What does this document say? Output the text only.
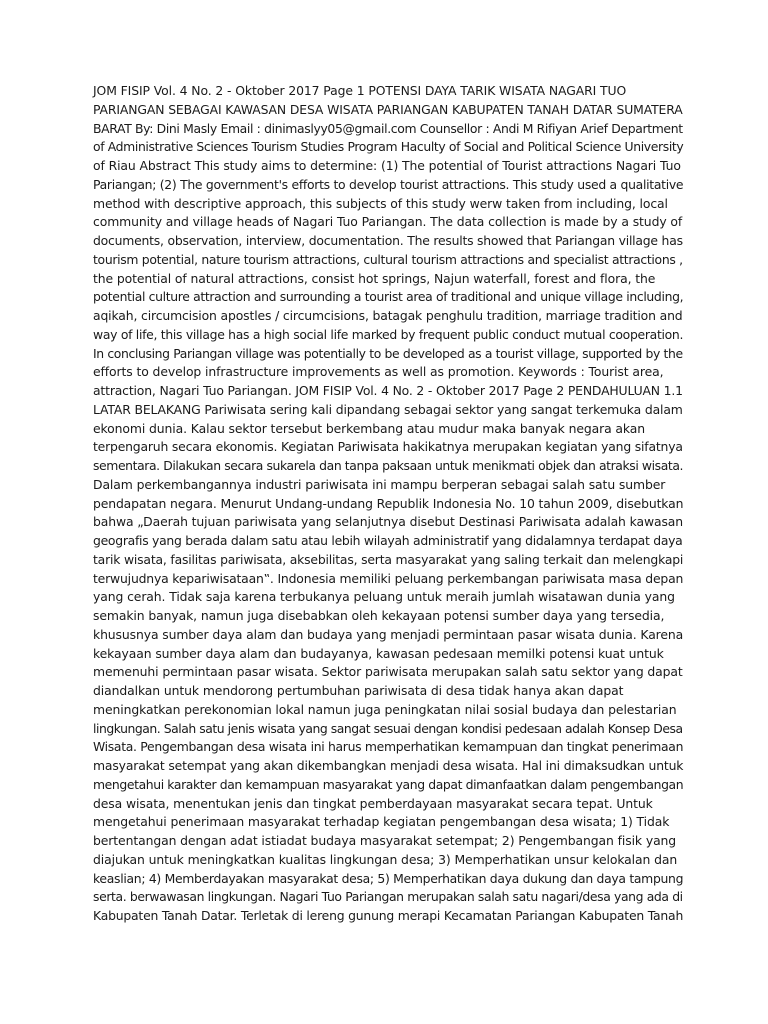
JOM FISIP Vol. 4 No. 2 - Oktober 2017 Page 1 POTENSI DAYA TARIK WISATA NAGARI TUO
PARIANGAN SEBAGAI KAWASAN DESA WISATA PARIANGAN KABUPATEN TANAH DATAR SUMATERA
BARAT By: Dini Masly Email : dinimaslyy05@gmail.com Counsellor : Andi M Rifiyan Arief Department
of Administrative Sciences Tourism Studies Program Haculty of Social and Political Science University
of Riau Abstract This study aims to determine: (1) The potential of Tourist attractions Nagari Tuo
Pariangan; (2) The government's efforts to develop tourist attractions. This study used a qualitative
method with descriptive approach, this subjects of this study werw taken from including, local
community and village heads of Nagari Tuo Pariangan. The data collection is made by a study of
documents, observation, interview, documentation. The results showed that Pariangan village has
tourism potential, nature tourism attractions, cultural tourism attractions and specialist attractions ,
the potential of natural attractions, consist hot springs, Najun waterfall, forest and flora, the
potential culture attraction and surrounding a tourist area of traditional and unique village including,
aqikah, circumcision apostles / circumcisions, batagak penghulu tradition, marriage tradition and
way of life, this village has a high social life marked by frequent public conduct mutual cooperation.
In conclusing Pariangan village was potentially to be developed as a tourist village, supported by the
efforts to develop infrastructure improvements as well as promotion. Keywords : Tourist area,
attraction, Nagari Tuo Pariangan. JOM FISIP Vol. 4 No. 2 - Oktober 2017 Page 2 PENDAHULUAN 1.1
LATAR BELAKANG Pariwisata sering kali dipandang sebagai sektor yang sangat terkemuka dalam
ekonomi dunia. Kalau sektor tersebut berkembang atau mudur maka banyak negara akan
terpengaruh secara ekonomis. Kegiatan Pariwisata hakikatnya merupakan kegiatan yang sifatnya
sementara. Dilakukan secara sukarela dan tanpa paksaan untuk menikmati objek dan atraksi wisata.
Dalam perkembangannya industri pariwisata ini mampu berperan sebagai salah satu sumber
pendapatan negara. Menurut Undang-undang Republik Indonesia No. 10 tahun 2009, disebutkan
bahwa „Daerah tujuan pariwisata yang selanjutnya disebut Destinasi Pariwisata adalah kawasan
geografis yang berada dalam satu atau lebih wilayah administratif yang didalamnya terdapat daya
tarik wisata, fasilitas pariwisata, aksebilitas, serta masyarakat yang saling terkait dan melengkapi
terwujudnya kepariwisataan‟. Indonesia memiliki peluang perkembangan pariwisata masa depan
yang cerah. Tidak saja karena terbukanya peluang untuk meraih jumlah wisatawan dunia yang
semakin banyak, namun juga disebabkan oleh kekayaan potensi sumber daya yang tersedia,
khususnya sumber daya alam dan budaya yang menjadi permintaan pasar wisata dunia. Karena
kekayaan sumber daya alam dan budayanya, kawasan pedesaan memilki potensi kuat untuk
memenuhi permintaan pasar wisata. Sektor pariwisata merupakan salah satu sektor yang dapat
diandalkan untuk mendorong pertumbuhan pariwisata di desa tidak hanya akan dapat
meningkatkan perekonomian lokal namun juga peningkatan nilai sosial budaya dan pelestarian
lingkungan. Salah satu jenis wisata yang sangat sesuai dengan kondisi pedesaan adalah Konsep Desa
Wisata. Pengembangan desa wisata ini harus memperhatikan kemampuan dan tingkat penerimaan
masyarakat setempat yang akan dikembangkan menjadi desa wisata. Hal ini dimaksudkan untuk
mengetahui karakter dan kemampuan masyarakat yang dapat dimanfaatkan dalam pengembangan
desa wisata, menentukan jenis dan tingkat pemberdayaan masyarakat secara tepat. Untuk
mengetahui penerimaan masyarakat terhadap kegiatan pengembangan desa wisata; 1) Tidak
bertentangan dengan adat istiadat budaya masyarakat setempat; 2) Pengembangan fisik yang
diajukan untuk meningkatkan kualitas lingkungan desa; 3) Memperhatikan unsur kelokalan dan
keaslian; 4) Memberdayakan masyarakat desa; 5) Memperhatikan daya dukung dan daya tampung
serta. berwawasan lingkungan. Nagari Tuo Pariangan merupakan salah satu nagari/desa yang ada di
Kabupaten Tanah Datar. Terletak di lereng gunung merapi Kecamatan Pariangan Kabupaten Tanah
